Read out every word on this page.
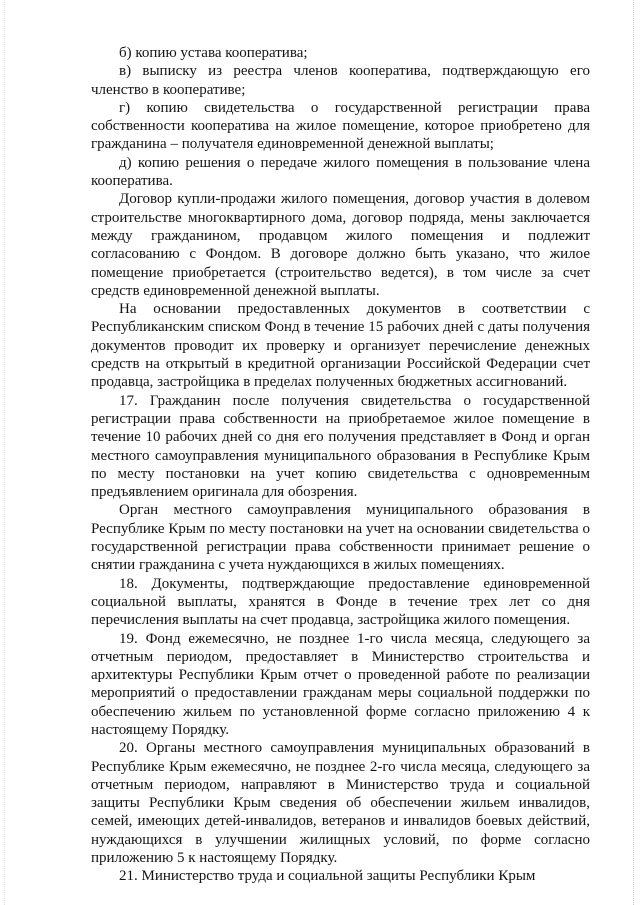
б) копию устава кооператива;

в) выписку из реестра членов кооператива, подтверждающую его членство в кооперативе;

г) копию свидетельства о государственной регистрации права собственности кооператива на жилое помещение, которое приобретено для гражданина – получателя единовременной денежной выплаты;

д) копию решения о передаче жилого помещения в пользование члена кооператива.

Договор купли-продажи жилого помещения, договор участия в долевом строительстве многоквартирного дома, договор подряда, мены заключается между гражданином, продавцом жилого помещения и подлежит согласованию с Фондом. В договоре должно быть указано, что жилое помещение приобретается (строительство ведется), в том числе за счет средств единовременной денежной выплаты.

На основании предоставленных документов в соответствии с Республиканским списком Фонд в течение 15 рабочих дней с даты получения документов проводит их проверку и организует перечисление денежных средств на открытый в кредитной организации Российской Федерации счет продавца, застройщика в пределах полученных бюджетных ассигнований.

17. Гражданин после получения свидетельства о государственной регистрации права собственности на приобретаемое жилое помещение в течение 10 рабочих дней со дня его получения представляет в Фонд и орган местного самоуправления муниципального образования в Республике Крым по месту постановки на учет копию свидетельства с одновременным предъявлением оригинала для обозрения.

Орган местного самоуправления муниципального образования в Республике Крым по месту постановки на учет на основании свидетельства о государственной регистрации права собственности принимает решение о снятии гражданина с учета нуждающихся в жилых помещениях.

18. Документы, подтверждающие предоставление единовременной социальной выплаты, хранятся в Фонде в течение трех лет со дня перечисления выплаты на счет продавца, застройщика жилого помещения.

19. Фонд ежемесячно, не позднее 1-го числа месяца, следующего за отчетным периодом, предоставляет в Министерство строительства и архитектуры Республики Крым отчет о проведенной работе по реализации мероприятий о предоставлении гражданам меры социальной поддержки по обеспечению жильем по установленной форме согласно приложению 4 к настоящему Порядку.

20. Органы местного самоуправления муниципальных образований в Республике Крым ежемесячно, не позднее 2-го числа месяца, следующего за отчетным периодом, направляют в Министерство труда и социальной защиты Республики Крым сведения об обеспечении жильем инвалидов, семей, имеющих детей-инвалидов, ветеранов и инвалидов боевых действий, нуждающихся в улучшении жилищных условий, по форме согласно приложению 5 к настоящему Порядку.

21. Министерство труда и социальной защиты Республики Крым
